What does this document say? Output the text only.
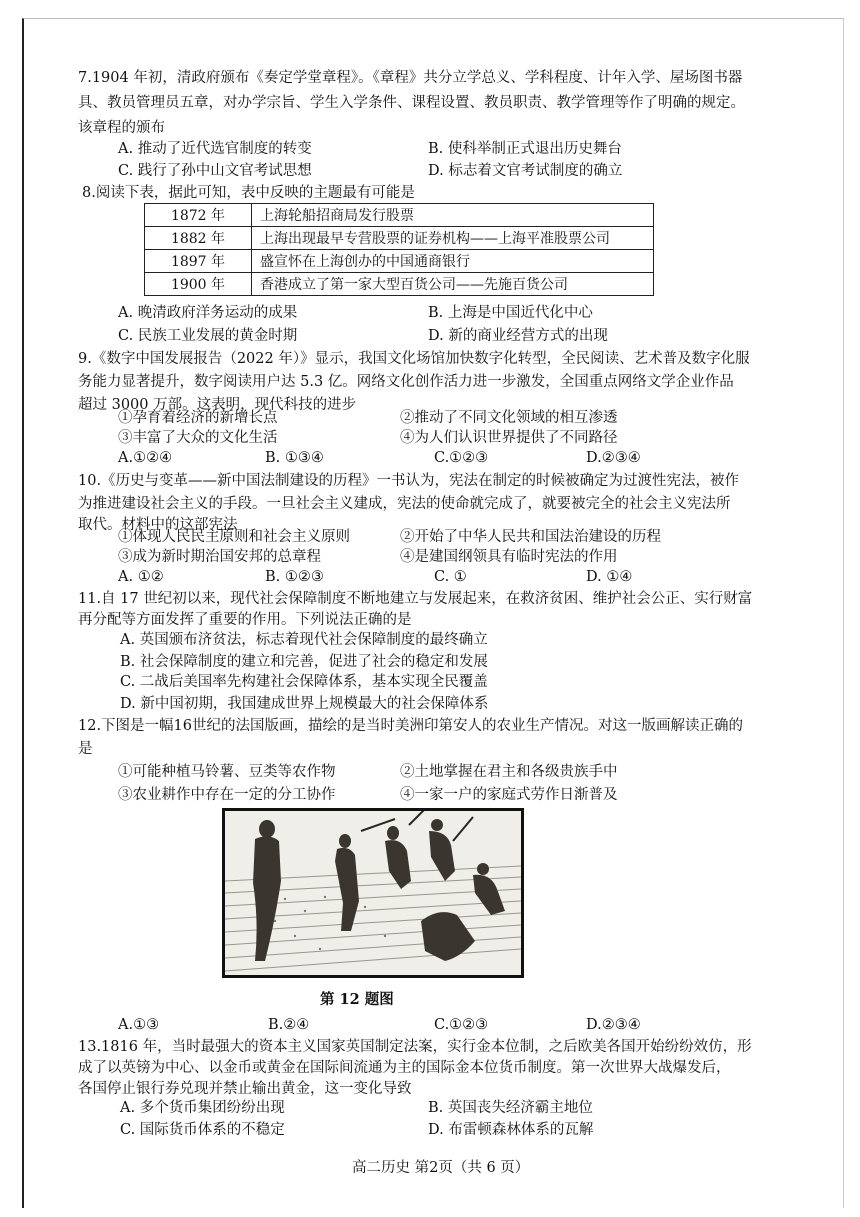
7.1904 年初，清政府颁布《奏定学堂章程》。《章程》共分立学总义、学科程度、计年入学、屋场图书器
具、教员管理员五章，对办学宗旨、学生入学条件、课程设置、教员职责、教学管理等作了明确的规定。
该章程的颁布
A. 推动了近代选官制度的转变	B. 使科举制正式退出历史舞台
C. 践行了孙中山文官考试思想	D. 标志着文官考试制度的确立
8.阅读下表，据此可知，表中反映的主题最有可能是
1872 年	上海轮船招商局发行股票
1882 年	上海出现最早专营股票的证券机构——上海平准股票公司
1897 年	盛宣怀在上海创办的中国通商银行
1900 年	香港成立了第一家大型百货公司——先施百货公司
A. 晚清政府洋务运动的成果	B. 上海是中国近代化中心
C. 民族工业发展的黄金时期	D. 新的商业经营方式的出现
9.《数字中国发展报告（2022 年）》显示，我国文化场馆加快数字化转型，全民阅读、艺术普及数字化服
务能力显著提升，数字阅读用户达 5.3 亿。网络文化创作活力进一步激发，全国重点网络文学企业作品
超过 3000 万部。这表明，现代科技的进步
①孕育着经济的新增长点	②推动了不同文化领域的相互渗透
③丰富了大众的文化生活	④为人们认识世界提供了不同路径
A.①②④	B. ①③④	C.①②③	D.②③④
10.《历史与变革——新中国法制建设的历程》一书认为，宪法在制定的时候被确定为过渡性宪法，被作
为推进建设社会主义的手段。一旦社会主义建成，宪法的使命就完成了，就要被完全的社会主义宪法所
取代。材料中的这部宪法
①体现人民民主原则和社会主义原则	②开始了中华人民共和国法治建设的历程
③成为新时期治国安邦的总章程	④是建国纲领具有临时宪法的作用
A. ①②	B. ①②③	C. ①	D. ①④
11.自 17 世纪初以来，现代社会保障制度不断地建立与发展起来，在救济贫困、维护社会公正、实行财富
再分配等方面发挥了重要的作用。下列说法正确的是
A. 英国颁布济贫法，标志着现代社会保障制度的最终确立
B. 社会保障制度的建立和完善，促进了社会的稳定和发展
C. 二战后美国率先构建社会保障体系，基本实现全民覆盖
D. 新中国初期，我国建成世界上规模最大的社会保障体系
12.下图是一幅16世纪的法国版画，描绘的是当时美洲印第安人的农业生产情况。对这一版画解读正确的
是
①可能种植马铃薯、豆类等农作物	②土地掌握在君主和各级贵族手中
③农业耕作中存在一定的分工协作	④一家一户的家庭式劳作日渐普及
第 12 题图
A.①③	B.②④	C.①②③	D.②③④
13.1816 年，当时最强大的资本主义国家英国制定法案，实行金本位制，之后欧美各国开始纷纷效仿，形
成了以英镑为中心、以金币或黄金在国际间流通为主的国际金本位货币制度。第一次世界大战爆发后，
各国停止银行券兑现并禁止输出黄金，这一变化导致
A. 多个货币集团纷纷出现	B. 英国丧失经济霸主地位
C. 国际货币体系的不稳定	D. 布雷顿森林体系的瓦解
高二历史 第2页（共 6 页）
